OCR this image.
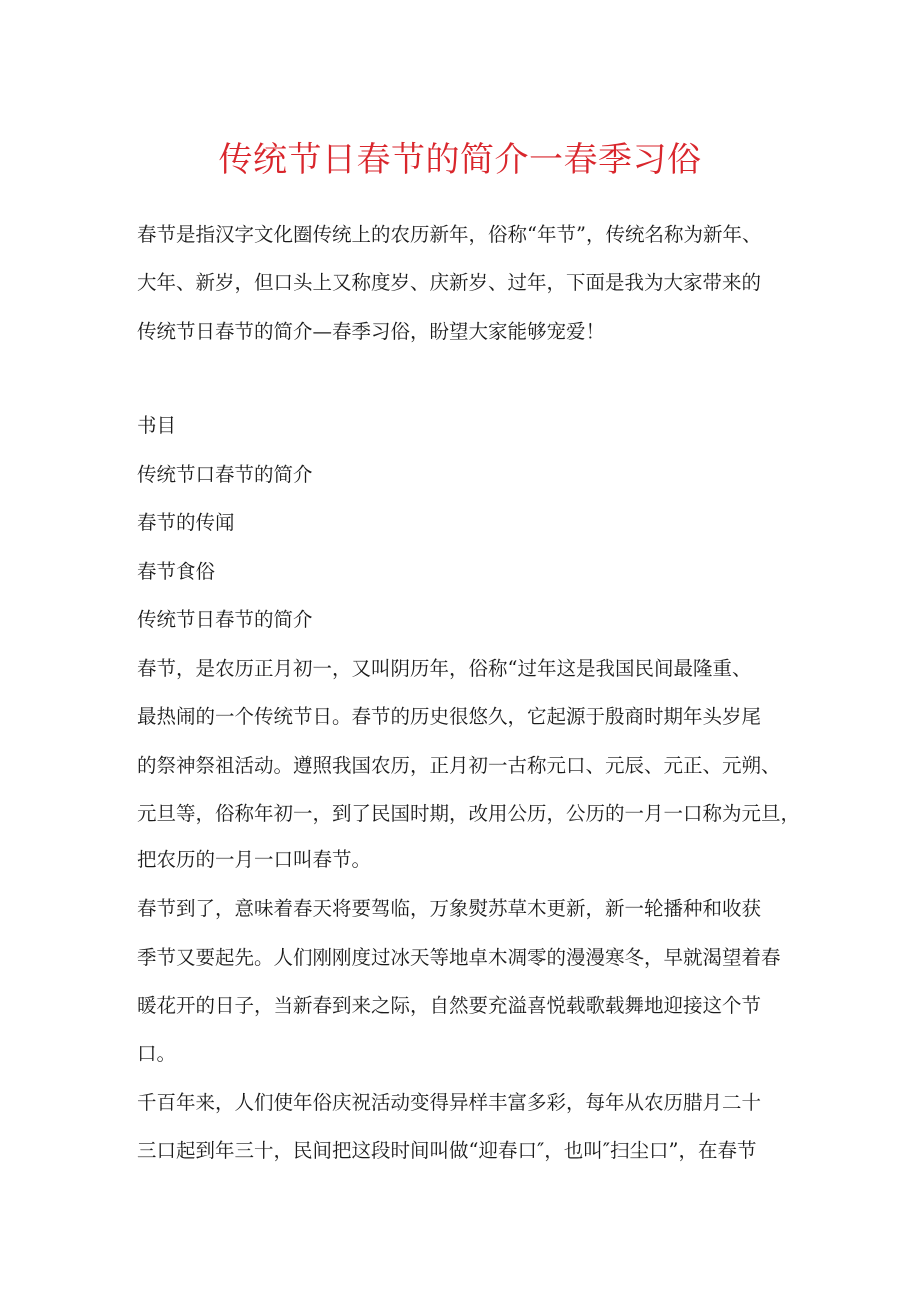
传统节日春节的简介一春季习俗
春节是指汉字文化圈传统上的农历新年，俗称“年节”，传统名称为新年、
大年、新岁，但口头上又称度岁、庆新岁、过年，下面是我为大家带来的
传统节日春节的简介—春季习俗，盼望大家能够宠爱！
书目
传统节口春节的简介
春节的传闻
春节食俗
传统节日春节的简介
春节，是农历正月初一，又叫阴历年，俗称“过年这是我国民间最隆重、
最热闹的一个传统节日。春节的历史很悠久，它起源于殷商时期年头岁尾
的祭神祭祖活动。遵照我国农历，正月初一古称元口、元辰、元正、元朔、
元旦等，俗称年初一，到了民国时期，改用公历，公历的一月一口称为元旦，
把农历的一月一口叫春节。
春节到了，意味着春天将要驾临，万象熨苏草木更新，新一轮播种和收获
季节又要起先。人们刚刚度过冰天等地卓木凋零的漫漫寒冬，早就渴望着春
暖花开的日子，当新春到来之际，自然要充溢喜悦载歌载舞地迎接这个节
口。
千百年来，人们使年俗庆祝活动变得异样丰富多彩，每年从农历腊月二十
三口起到年三十，民间把这段时间叫做“迎春口″，也叫″扫尘口”，在春节
